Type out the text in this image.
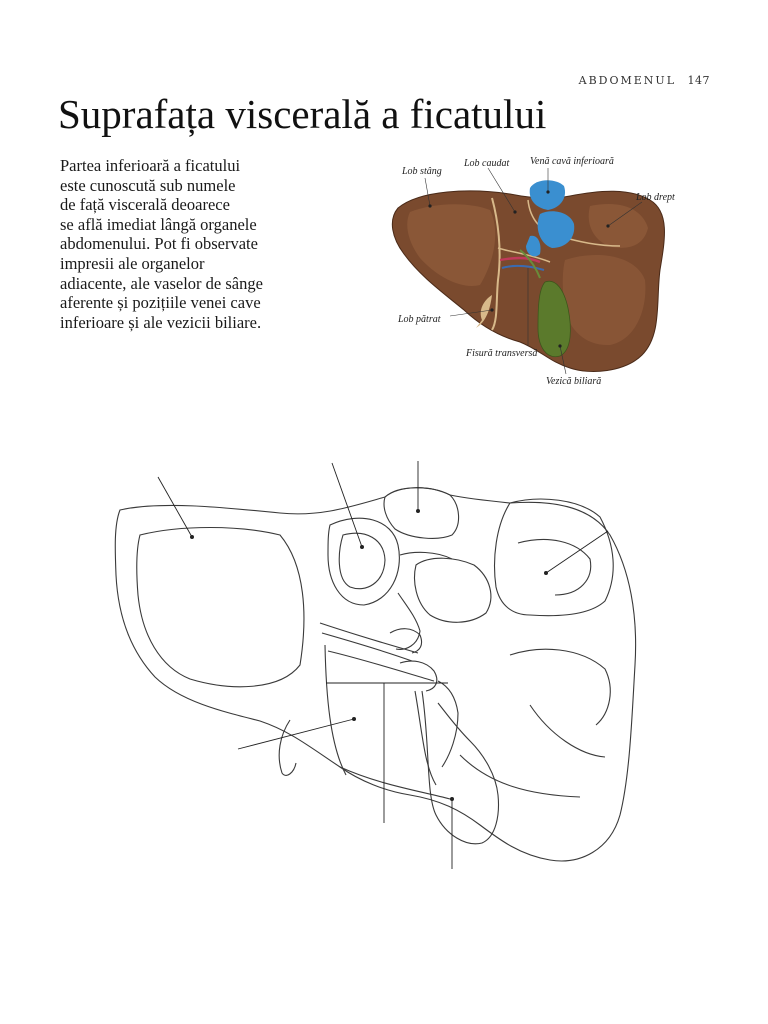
ABDOMENUL 147
Suprafața viscerală a ficatului

Partea inferioară a ficatului
este cunoscută sub numele
de față viscerală deoarece
se află imediat lângă organele
abdomenului. Pot fi observate
impresii ale organelor
adiacente, ale vaselor de sânge
aferente și pozițiile venei cave
inferioare și ale vezicii biliare.

Lob stâng
Lob caudat Venă cavă inferioară
Lob drept
Lob pătrat
Fisură transversă
Vezică biliară
